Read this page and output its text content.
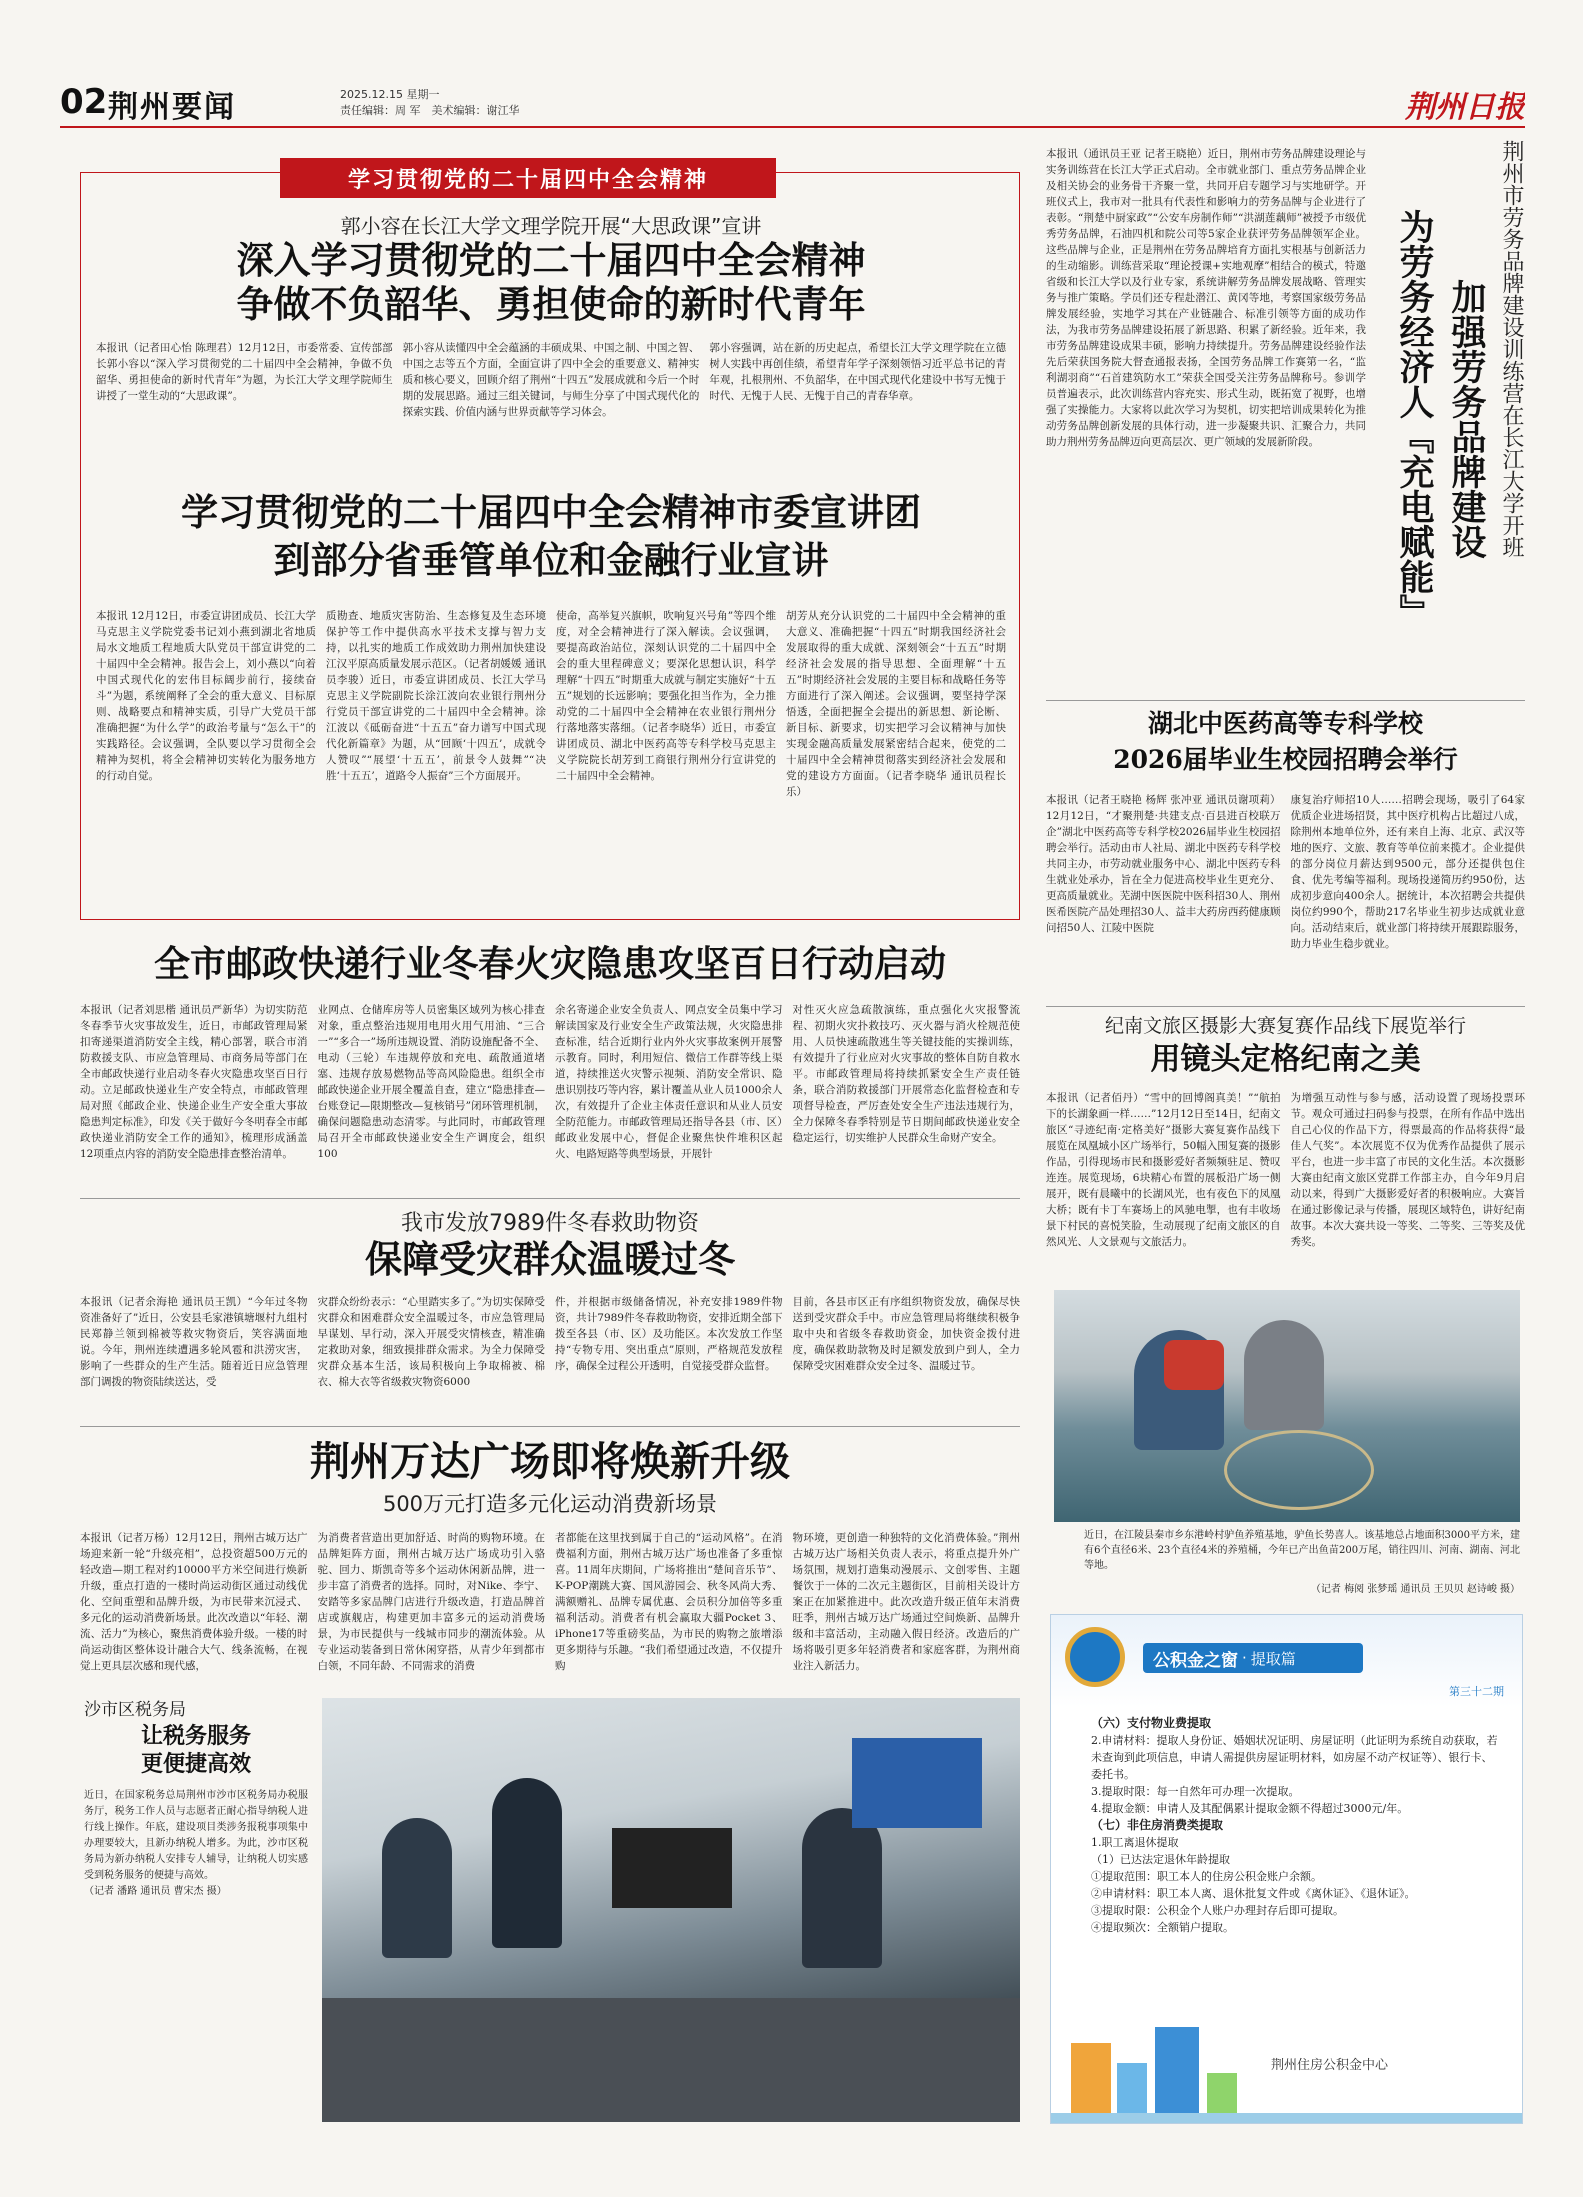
02 荆州要闻	2025.12.15 星期一
责任编辑：周 军　美术编辑：谢江华	荆州日报
学习贯彻党的二十届四中全会精神
郭小容在长江大学文理学院开展“大思政课”宣讲
深入学习贯彻党的二十届四中全会精神
争做不负韶华、勇担使命的新时代青年
本报讯（记者田心怡 陈理君）12月12日，市委常委、宣传部部长郭小容以“深入学习贯彻党的二十届四中全会精神，争做不负韶华、勇担使命的新时代青年”为题，为长江大学文理学院师生讲授了一堂生动的“大思政课”。
郭小容从读懂四中全会蕴涵的丰硕成果、中国之制、中国之智、中国之志等五个方面，全面宣讲了四中全会的重要意义、精神实质和核心要义，回顾介绍了荆州“十四五”发展成就和今后一个时期的发展思路。通过三组关键词，与师生分享了中国式现代化的探索实践、价值内涵与世界贡献等学习体会。
郭小容强调，站在新的历史起点，希望长江大学文理学院在立德树人实践中再创佳绩，希望青年学子深刻领悟习近平总书记的青年观，扎根荆州、不负韶华，在中国式现代化建设中书写无愧于时代、无愧于人民、无愧于自己的青春华章。
学习贯彻党的二十届四中全会精神市委宣讲团
到部分省垂管单位和金融行业宣讲
本报讯 12月12日，市委宣讲团成员、长江大学马克思主义学院党委书记刘小燕到湖北省地质局水文地质工程地质大队党员干部宣讲党的二十届四中全会精神。报告会上，刘小燕以“向着中国式现代化的宏伟目标阔步前行，接续奋斗”为题，系统阐释了全会的重大意义、目标原则、战略要点和精神实质，引导广大党员干部准确把握“为什么学”的政治考量与“怎么干”的实践路径。会议强调，全队要以学习贯彻全会精神为契机，将全会精神切实转化为服务地方的行动自觉。
质勘查、地质灾害防治、生态修复及生态环境保护等工作中提供高水平技术支撑与智力支持，以扎实的地质工作成效助力荆州加快建设江汉平原高质量发展示范区。（记者胡媛媛 通讯员李骏）近日，市委宣讲团成员、长江大学马克思主义学院副院长涂江波向农业银行荆州分行党员干部宣讲党的二十届四中全会精神。涂江波以《砥砺奋进“十五五”奋力谱写中国式现代化新篇章》为题，从“回顾‘十四五’，成就令人赞叹”“展望‘十五五’，前景令人鼓舞”“决胜‘十五五’，道路令人振奋”三个方面展开。
使命，高举复兴旗帜，吹响复兴号角”等四个维度，对全会精神进行了深入解读。会议强调，要提高政治站位，深刻认识党的二十届四中全会的重大里程碑意义；要深化思想认识，科学理解“十四五”时期重大成就与制定实施好“十五五”规划的长远影响；要强化担当作为，全力推动党的二十届四中全会精神在农业银行荆州分行落地落实落细。（记者李晓华）近日，市委宣讲团成员、湖北中医药高等专科学校马克思主义学院院长胡芳到工商银行荆州分行宣讲党的二十届四中全会精神。
胡芳从充分认识党的二十届四中全会精神的重大意义、准确把握“十四五”时期我国经济社会发展取得的重大成就、深刻领会“十五五”时期经济社会发展的指导思想、全面理解“十五五”时期经济社会发展的主要目标和战略任务等方面进行了深入阐述。会议强调，要坚持学深悟透，全面把握全会提出的新思想、新论断、新目标、新要求，切实把学习会议精神与加快实现金融高质量发展紧密结合起来，使党的二十届四中全会精神贯彻落实到经济社会发展和党的建设方方面面。（记者李晓华 通讯员程长乐）
全市邮政快递行业冬春火灾隐患攻坚百日行动启动
本报讯（记者刘思楷 通讯员严新华）为切实防范冬春季节火灾事故发生，近日，市邮政管理局紧扣寄递渠道消防安全主线，精心部署，联合市消防救援支队、市应急管理局、市商务局等部门在全市邮政快递行业启动冬春火灾隐患攻坚百日行动。立足邮政快递业生产安全特点，市邮政管理局对照《邮政企业、快递企业生产安全重大事故隐患判定标准》，印发《关于做好今冬明春全市邮政快递业消防安全工作的通知》，梳理形成涵盖12项重点内容的消防安全隐患排查整治清单。
业网点、仓储库房等人员密集区域列为核心排查对象，重点整治违规用电用火用气用油、“三合一”“多合一”场所违规设置、消防设施配备不全、电动（三轮）车违规停放和充电、疏散通道堵塞、违规存放易燃物品等高风险隐患。组织全市邮政快递企业开展全覆盖自查，建立“隐患排查—台账登记—限期整改—复核销号”闭环管理机制，确保问题隐患动态清零。与此同时，市邮政管理局召开全市邮政快递业安全生产调度会，组织100
余名寄递企业安全负责人、网点安全员集中学习解读国家及行业安全生产政策法规，火灾隐患排查标准，结合近期行业内外火灾事故案例开展警示教育。同时，利用短信、微信工作群等线上渠道，持续推送火灾警示视频、消防安全常识、隐患识别技巧等内容，累计覆盖从业人员1000余人次，有效提升了企业主体责任意识和从业人员安全防范能力。市邮政管理局还指导各县（市、区）邮政业发展中心，督促企业聚焦快件堆积区起火、电路短路等典型场景，开展针
对性灭火应急疏散演练，重点强化火灾报警流程、初期火灾扑救技巧、灭火器与消火栓规范使用、人员快速疏散逃生等关键技能的实操训练，有效提升了行业应对火灾事故的整体自防自救水平。市邮政管理局将持续抓紧安全生产责任链条，联合消防救援部门开展常态化监督检查和专项督导检查，严厉查处安全生产违法违规行为，全力保障冬春季特别是节日期间邮政快递业安全稳定运行，切实维护人民群众生命财产安全。
我市发放7989件冬春救助物资
保障受灾群众温暖过冬
本报讯（记者余海艳 通讯员王凯）“今年过冬物资准备好了”近日，公安县毛家港镇塘堰村九组村民郑静兰领到棉被等救灾物资后，笑容满面地说。今年，荆州连续遭遇多轮风雹和洪涝灾害，影响了一些群众的生产生活。随着近日应急管理部门调拨的物资陆续送达，受
灾群众纷纷表示：“心里踏实多了。”为切实保障受灾群众和困难群众安全温暖过冬，市应急管理局早谋划、早行动，深入开展受灾情核查，精准确定救助对象，细致摸排群众需求。为全力保障受灾群众基本生活，该局积极向上争取棉被、棉衣、棉大衣等省级救灾物资6000
件，并根据市级储备情况，补充安排1989件物资，共计7989件冬春救助物资，安排近期全部下拨至各县（市、区）及功能区。本次发放工作坚持“专物专用、突出重点”原则，严格规范发放程序，确保全过程公开透明，自觉接受群众监督。
目前，各县市区正有序组织物资发放，确保尽快送到受灾群众手中。市应急管理局将继续积极争取中央和省级冬春救助资金，加快资金拨付进度，确保救助款物及时足额发放到户到人，全力保障受灾困难群众安全过冬、温暖过节。
荆州万达广场即将焕新升级
500万元打造多元化运动消费新场景
本报讯（记者万杨）12月12日，荆州古城万达广场迎来新一轮“升级亮相”，总投资超500万元的轻改造—期工程对约10000平方米空间进行焕新升级，重点打造的一楼时尚运动街区通过动线优化、空间重塑和品牌升级，为市民带来沉浸式、多元化的运动消费新场景。此次改造以“年轻、潮流、活力”为核心，聚焦消费体验升级。一楼的时尚运动街区整体设计融合大气、线条流畅，在视觉上更具层次感和现代感，
为消费者营造出更加舒适、时尚的购物环境。在品牌矩阵方面，荆州古城万达广场成功引入骆驼、回力、斯凯奇等多个运动休闲新品牌，进一步丰富了消费者的选择。同时，对Nike、李宁、安踏等多家品牌门店进行升级改造，打造品牌首店或旗舰店，构建更加丰富多元的运动消费场景，为市民提供与一线城市同步的潮流体验。从专业运动装备到日常休闲穿搭，从青少年到都市白领，不同年龄、不同需求的消费
者都能在这里找到属于自己的“运动风格”。在消费福利方面，荆州古城万达广场也准备了多重惊喜。11周年庆期间，广场将推出“楚间音乐节”、K-POP潮跳大赛、国风游园会、秋冬风尚大秀、满额赠礼、品牌专属优惠、会员积分加倍等多重福利活动。消费者有机会赢取大疆Pocket 3、iPhone17等重磅奖品，为市民的购物之旅增添更多期待与乐趣。“我们希望通过改造，不仅提升购
物环境，更创造一种独特的文化消费体验。”荆州古城万达广场相关负责人表示，将重点提升外广场氛围，规划打造集动漫展示、文创零售、主题餐饮于一体的二次元主题街区，目前相关设计方案正在加紧推进中。此次改造升级正值年末消费旺季，荆州古城万达广场通过空间焕新、品牌升级和丰富活动，主动融入假日经济。改造后的广场将吸引更多年轻消费者和家庭客群，为荆州商业注入新活力。
沙市区税务局
让税务服务
更便捷高效
近日，在国家税务总局荆州市沙市区税务局办税服务厅，税务工作人员与志愿者正耐心指导纳税人进行线上操作。年底，建设项目类涉务报税事项集中办理要较大，且新办纳税人增多。为此，沙市区税务局为新办纳税人安排专人辅导，让纳税人切实感受到税务服务的便捷与高效。
（记者 潘路 通讯员 曹宋杰 摄）
本报讯（通讯员王亚 记者王晓艳）近日，荆州市劳务品牌建设理论与实务训练营在长江大学正式启动。全市就业部门、重点劳务品牌企业及相关协会的业务骨干齐聚一堂，共同开启专题学习与实地研学。开班仪式上，我市对一批具有代表性和影响力的劳务品牌与企业进行了表彰。“荆楚中厨家政”“公安车房制作师”“洪湖莲藕师”被授予市级优秀劳务品牌，石油四机和院公司等5家企业获评劳务品牌领军企业。这些品牌与企业，正是荆州在劳务品牌培育方面扎实根基与创新活力的生动缩影。训练营采取“理论授课+实地观摩”相结合的模式，特邀省级和长江大学以及行业专家，系统讲解劳务品牌发展战略、管理实务与推广策略。学员们还专程赴潜江、黄冈等地，考察国家级劳务品牌发展经验，实地学习其在产业链融合、标准引领等方面的成功作法，为我市劳务品牌建设拓展了新思路、积累了新经验。近年来，我市劳务品牌建设成果丰硕，影响力持续提升。劳务品牌建设经验作法先后荣获国务院大督查通报表扬，全国劳务品牌工作赛第一名，“监利湖羽商”“石首建筑防水工”荣获全国受关注劳务品牌称号。参训学员普遍表示，此次训练营内容充实、形式生动，既拓宽了视野，也增强了实操能力。大家将以此次学习为契机，切实把培训成果转化为推动劳务品牌创新发展的具体行动，进一步凝聚共识、汇聚合力，共同助力荆州劳务品牌迈向更高层次、更广领域的发展新阶段。	荆州市劳务品牌建设训练营在长江大学开班
加强劳务品牌建设
为劳务经济人『充电赋能』
湖北中医药高等专科学校
2026届毕业生校园招聘会举行
本报讯（记者王晓艳 杨辉 张冲亚 通讯员谢项莉）12月12日，“才聚荆楚·共建支点·百县进百校联万企”湖北中医药高等专科学校2026届毕业生校园招聘会举行。活动由市人社局、湖北中医药专科学校共同主办，市劳动就业服务中心、湖北中医药专科生就业处承办，旨在全力促进高校毕业生更充分、更高质量就业。芜湖中医医院中医科招30人、荆州医希医院产品处理招30人、益丰大药房西药健康顾问招50人、江陵中医院
康复治疗师招10人……招聘会现场，吸引了64家优质企业进场招贤，其中医疗机构占比超过八成，除荆州本地单位外，还有来自上海、北京、武汉等地的医疗、文旅、教育等单位前来揽才。企业提供的部分岗位月薪达到9500元，部分还提供包住食、优先考编等福利。现场投递简历约950份，达成初步意向400余人。据统计，本次招聘会共提供岗位约990个，帮助217名毕业生初步达成就业意向。活动结束后，就业部门将持续开展跟踪服务，助力毕业生稳步就业。
纪南文旅区摄影大赛复赛作品线下展览举行
用镜头定格纪南之美
本报讯（记者佰丹）“雪中的回博阁真美！”“航拍下的长湖象画一样……”12月12日至14日，纪南文旅区“寻迹纪南·定格美好”摄影大赛复赛作品线下展览在凤凰城小区广场举行，50幅入围复赛的摄影作品，引得现场市民和摄影爱好者频频驻足、赞叹连连。展览现场，6块精心布置的展板沿广场一侧展开，既有晨曦中的长湖风光，也有夜色下的凤凰大桥；既有卡丁车赛场上的风驰电掣，也有丰收场景下村民的喜悦笑脸，生动展现了纪南文旅区的自然风光、人文景观与文旅活力。
为增强互动性与参与感，活动设置了现场投票环节。观众可通过扫码参与投票，在所有作品中选出自己心仪的作品下方，得票最高的作品将获得“最佳人气奖”。本次展览不仅为优秀作品提供了展示平台，也进一步丰富了市民的文化生活。本次摄影大赛由纪南文旅区党群工作部主办，自今年9月启动以来，得到广大摄影爱好者的积极响应。大赛旨在通过影像记录与传播，展现区域特色，讲好纪南故事。本次大赛共设一等奖、二等奖、三等奖及优秀奖。
近日，在江陵县秦市乡东港岭村驴鱼养殖基地，驴鱼长势喜人。该基地总占地面积3000平方米，建有6个直径6米、23个直径4米的养殖桶，今年已产出鱼苗200万尾，销往四川、河南、湖南、河北等地。
（记者 梅阅 张梦瑶 通讯员 王贝贝 赵诗峻 摄）
公积金之窗 · 提取篇
第三十二期
（六）支付物业费提取
2.申请材料：提取人身份证、婚姻状况证明、房屋证明（此证明为系统自动获取，若未查询到此项信息，申请人需提供房屋证明材料，如房屋不动产权证等）、银行卡、委托书。
3.提取时限：每一自然年可办理一次提取。
4.提取金额：申请人及其配偶累计提取金额不得超过3000元/年。
（七）非住房消费类提取
1.职工离退休提取
（1）已达法定退休年龄提取
①提取范围：职工本人的住房公积金账户余额。
②申请材料：职工本人离、退休批复文件或《离休证》、《退休证》。
③提取时限：公积金个人账户办理封存后即可提取。
④提取频次：全额销户提取。
荆州住房公积金中心
